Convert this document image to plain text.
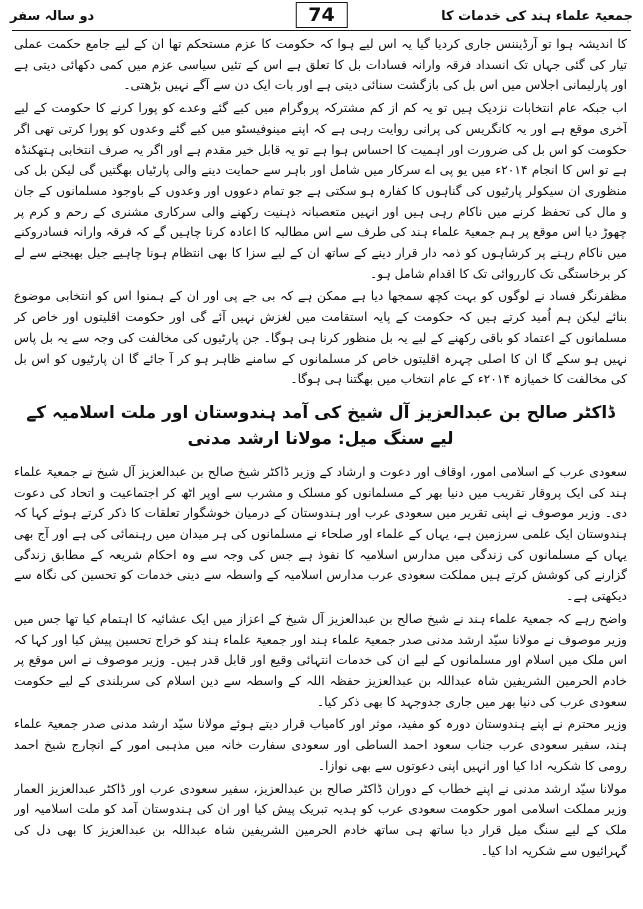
جمعیۃ علماء ہند کی خدمات کا
دو سالہ سفر	74

کا اندیشہ ہوا تو آرڈیننس جاری کردیا گیا یہ اس لیے ہوا کہ حکومت کا عزم مستحکم تھا ان کے لیے جامع حکمت عملی تیار کی گئی جہاں تک انسداد فرقہ وارانہ فسادات بل کا تعلق ہے اس کے تئیں سیاسی عزم میں کمی دکھائی دیتی ہے اور پارلیمانی اجلاس میں اس بل کی بازگشت سنائی دیتی ہے اور بات ایک دن سے آگے نہیں بڑھتی۔

اب جبکہ عام انتخابات نزدیک ہیں تو یہ کم از کم مشترکہ پروگرام میں کیے گئے وعدے کو پورا کرنے کا حکومت کے لیے آخری موقع ہے اور یہ کانگریس کی پرانی روایت رہی ہے کہ اپنے مینوفیسٹو میں کیے گئے وعدوں کو پورا کرتی تھی اگر حکومت کو اس بل کی ضرورت اور اہمیت کا احساس ہوا ہے تو یہ قابل خیر مقدم ہے اور اگر یہ صرف انتخابی ہتھکنڈہ ہے تو اس کا انجام ۲۰۱۴ء میں یو پی اے سرکار میں شامل اور باہر سے حمایت دینے والی پارٹیاں بھگتیں گی لیکن بل کی منظوری ان سیکولر پارٹیوں کی گناہوں کا کفارہ ہو سکتی ہے جو تمام دعووں اور وعدوں کے باوجود مسلمانوں کے جان و مال کی تحفظ کرنے میں ناکام رہی ہیں اور انہیں متعصبانہ ذہنیت رکھنے والی سرکاری مشنری کے رحم و کرم پر چھوڑ دیا اس موقع پر ہم جمعیۃ علماء ہند کی طرف سے اس مطالبہ کا اعادہ کرنا چاہیں گے کہ فرقہ وارانہ فسادروکنے میں ناکام رہنے پر کرشاہوں کو ذمہ دار قرار دینے کے ساتھ ان کے لیے سزا کا بھی انتظام ہونا چاہیے جیل بھیجنے سے لے کر برخاستگی تک کارروائی تک کا اقدام شامل ہو۔

مظفرنگر فساد نے لوگوں کو بہت کچھ سمجھا دیا ہے ممکن ہے کہ بی جے پی اور ان کے ہمنوا اس کو انتخابی موضوع بنائے لیکن ہم اُمید کرتے ہیں کہ حکومت کے پایہ استقامت میں لغزش نہیں آئے گی اور حکومت اقلیتوں اور خاص کر مسلمانوں کے اعتماد کو باقی رکھنے کے لیے یہ بل منظور کرنا ہی ہوگا۔ جن پارٹیوں کی مخالفت کی وجہ سے یہ بل پاس نہیں ہو سکے گا ان کا اصلی چہرہ اقلیتوں خاص کر مسلمانوں کے سامنے ظاہر ہو کر آ جائے گا ان پارٹیوں کو اس بل کی مخالفت کا خمیازہ ۲۰۱۴ء کے عام انتخاب میں بھگتنا ہی ہوگا۔

ڈاکٹر صالح بن عبدالعزیز آل شیخ کی آمد ہندوستان اور ملت اسلامیہ کے لیے سنگ میل: مولانا ارشد مدنی

سعودی عرب کے اسلامی امور، اوقاف اور دعوت و ارشاد کے وزیر ڈاکٹر شیخ صالح بن عبدالعزیز آل شیخ نے جمعیۃ علماء ہند کی ایک پروقار تقریب میں دنیا بھر کے مسلمانوں کو مسلک و مشرب سے اوپر اٹھ کر اجتماعیت و اتحاد کی دعوت دی۔ وزیر موصوف نے اپنی تقریر میں سعودی عرب اور ہندوستان کے درمیان خوشگوار تعلقات کا ذکر کرتے ہوئے کہا کہ ہندوستان ایک علمی سرزمین ہے، یہاں کے علماء اور صلحاء نے مسلمانوں کی ہر میدان میں رہنمائی کی ہے اور آج بھی یہاں کے مسلمانوں کی زندگی میں مدارس اسلامیہ کا نفوذ ہے جس کی وجہ سے وہ احکام شریعہ کے مطابق زندگی گزارنے کی کوشش کرتے ہیں مملکت سعودی عرب مدارس اسلامیہ کے واسطہ سے دینی خدمات کو تحسین کی نگاہ سے دیکھتی ہے۔

واضح رہے کہ جمعیۃ علماء ہند نے شیخ صالح بن عبدالعزیز آل شیخ کے اعزاز میں ایک عشائیہ کا اہتمام کیا تھا جس میں وزیر موصوف نے مولانا سیّد ارشد مدنی صدر جمعیۃ علماء ہند اور جمعیۃ علماء ہند کو خراج تحسین پیش کیا اور کہا کہ اس ملک میں اسلام اور مسلمانوں کے لیے ان کی خدمات انتہائی وقیع اور قابل قدر ہیں۔ وزیر موصوف نے اس موقع پر خادم الحرمین الشریفین شاہ عبداللہ بن عبدالعزیز حفظہ اللہ کے واسطہ سے دین اسلام کی سربلندی کے لیے حکومت سعودی عرب کی دنیا بھر میں جاری جدوجہد کا بھی ذکر کیا۔

وزیر محترم نے اپنے ہندوستان دورہ کو مفید، موثر اور کامیاب قرار دیتے ہوئے مولانا سیّد ارشد مدنی صدر جمعیۃ علماء ہند، سفیر سعودی عرب جناب سعود احمد الساطی اور سعودی سفارت خانہ میں مذہبی امور کے انچارج شیخ احمد رومی کا شکریہ ادا کیا اور انہیں اپنی دعوتوں سے بھی نوازا۔

مولانا سیّد ارشد مدنی نے اپنے خطاب کے دوران ڈاکٹر صالح بن عبدالعزیز، سفیر سعودی عرب اور ڈاکٹر عبدالعزیز العمار وزیر مملکت اسلامی امور حکومت سعودی عرب کو ہدیہ تبریک پیش کیا اور ان کی ہندوستان آمد کو ملت اسلامیہ اور ملک کے لیے سنگ میل قرار دیا ساتھ ہی ساتھ خادم الحرمین الشریفین شاہ عبداللہ بن عبدالعزیز کا بھی دل کی گہرائیوں سے شکریہ ادا کیا۔
